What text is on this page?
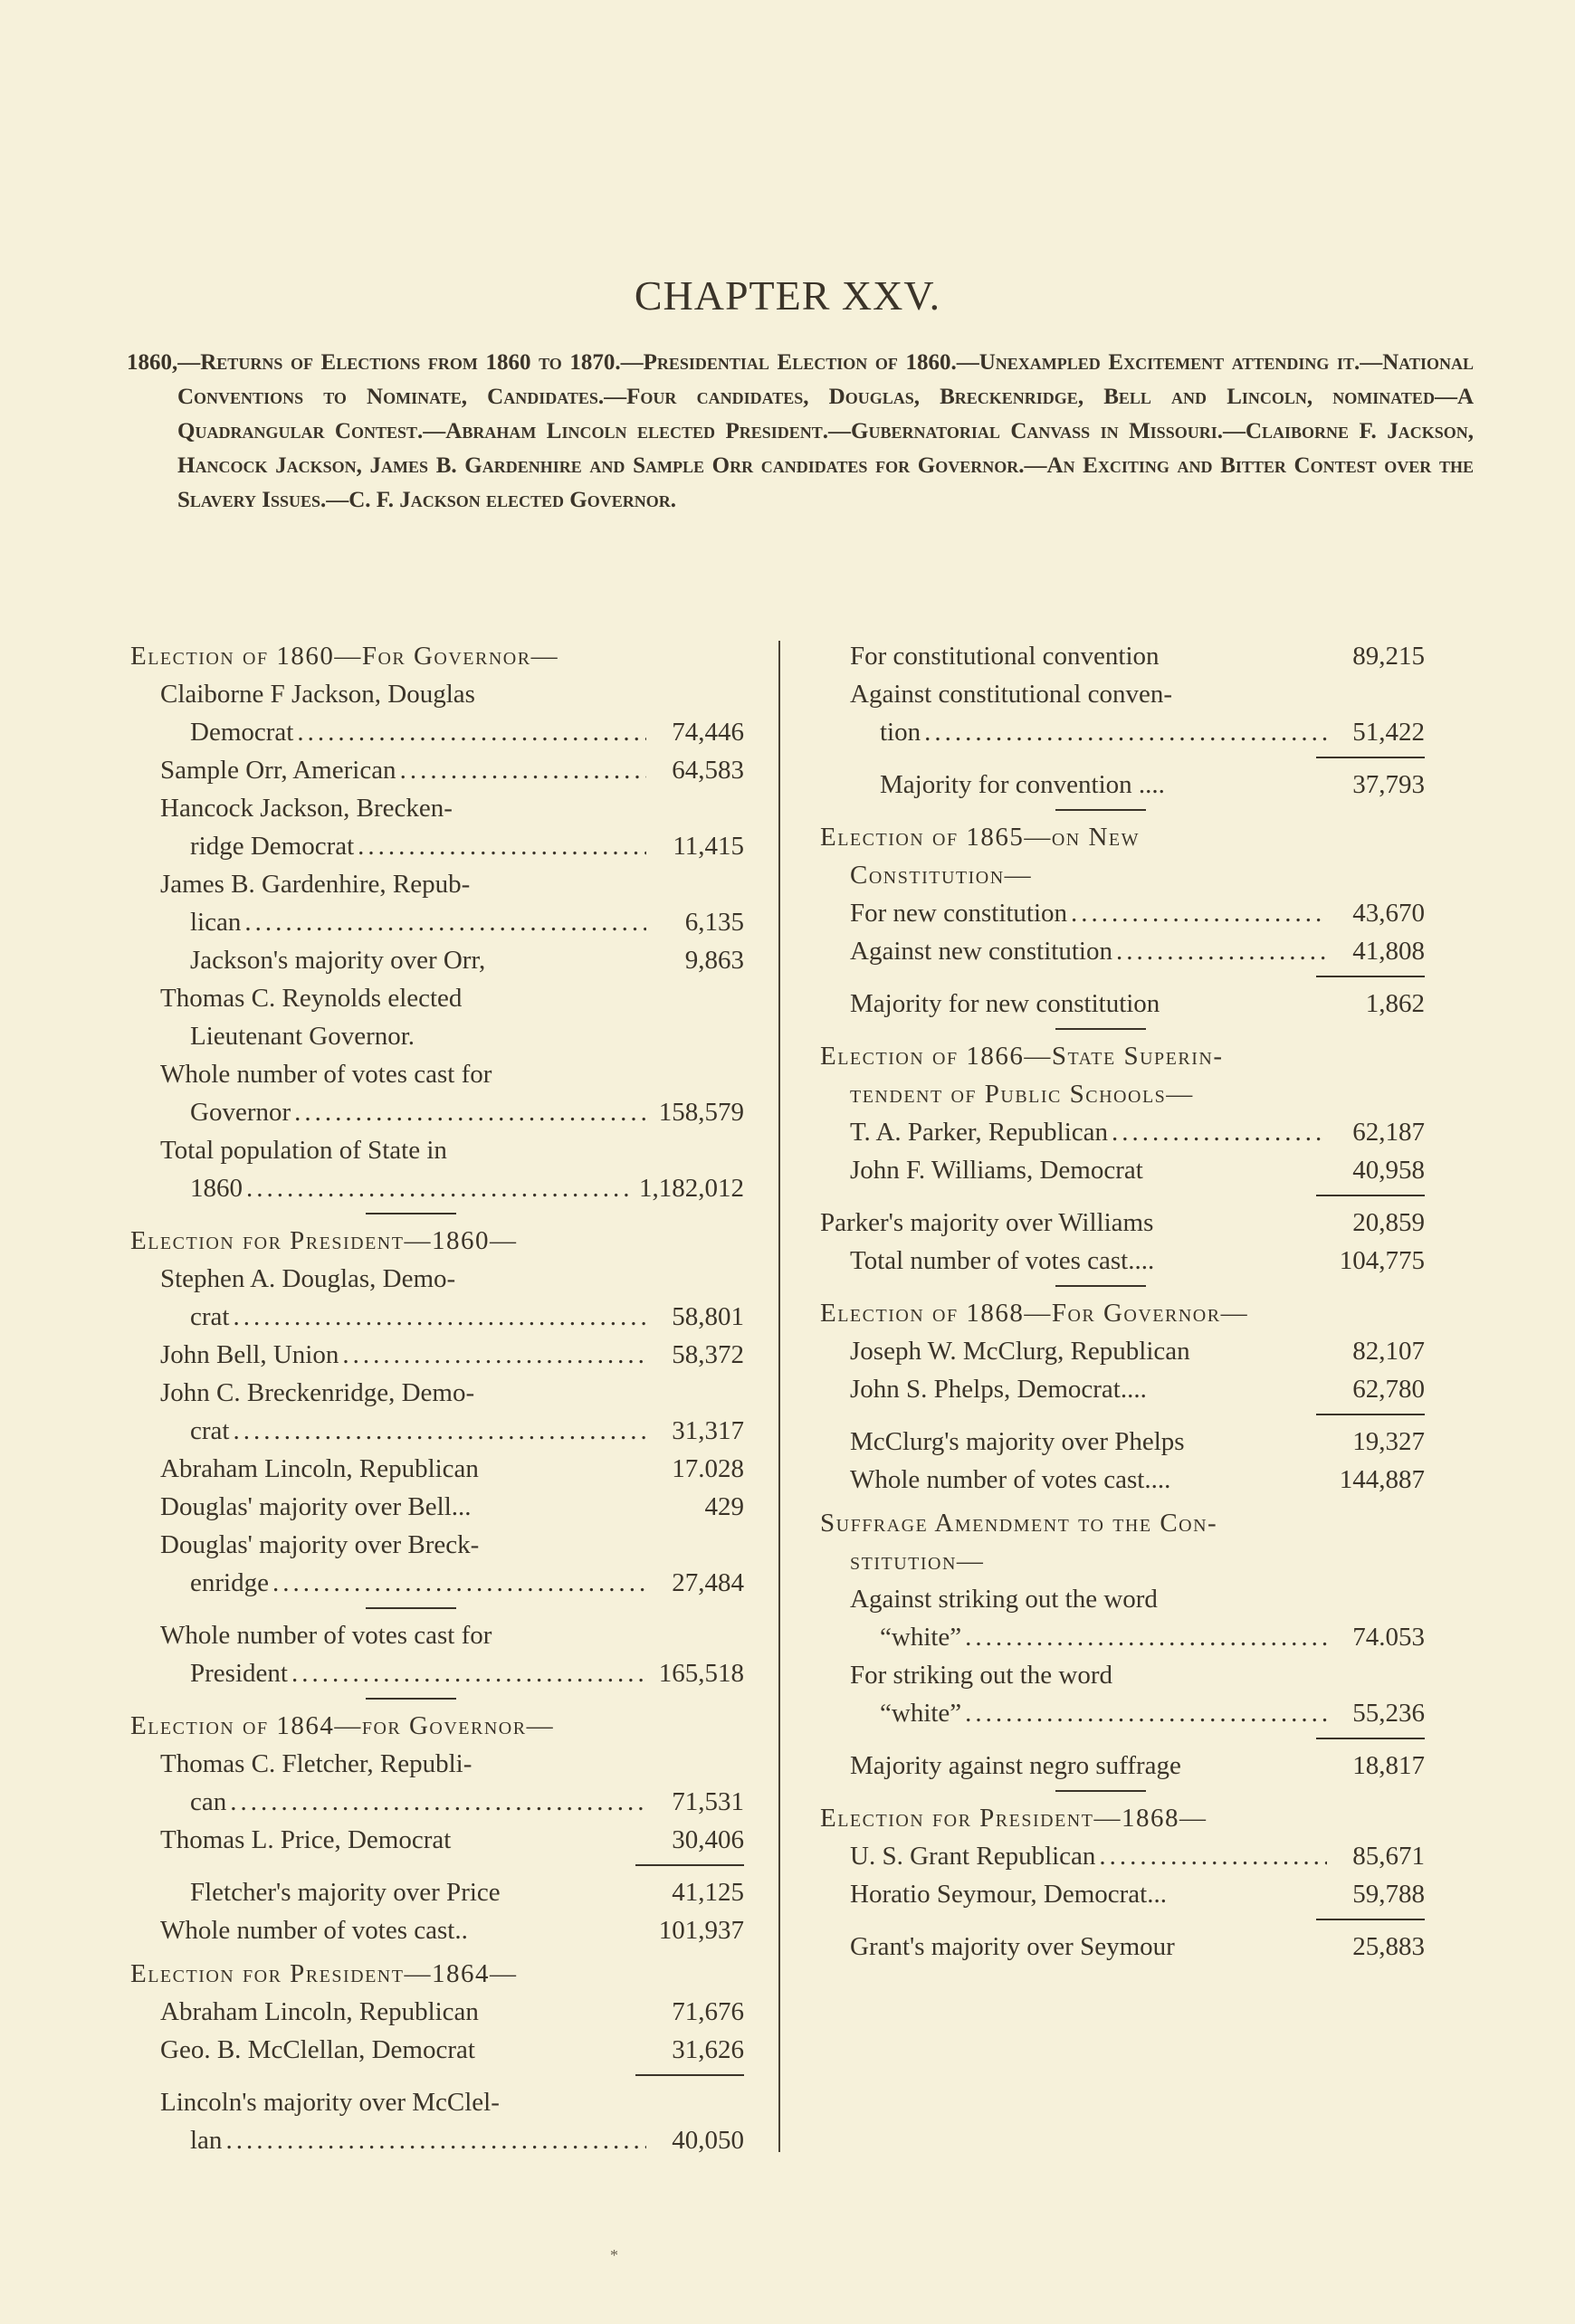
CHAPTER XXV.
1860,—Returns of Elections from 1860 to 1870.—Presidential Election of 1860.—Unexampled Excitement attending it.—National Conventions to Nominate, Candidates.—Four candidates, Douglas, Breckenridge, Bell and Lincoln, nominated—A Quadrangular Contest.—Abraham Lincoln elected President.—Gubernatorial Canvass in Missouri.—Claiborne F. Jackson, Hancock Jackson, James B. Gardenhire and Sample Orr candidates for Governor.—An Exciting and Bitter Contest over the Slavery Issues.—C. F. Jackson elected Governor.
Election of 1860—For Governor—
Claiborne F Jackson, Douglas
Democrat .....	74,446
Sample Orr, American .....	64,583
Hancock Jackson, Brecken-
ridge Democrat .....	11,415
James B. Gardenhire, Repub-
lican .....	6,135
Jackson's majority over Orr,	9,863
Thomas C. Reynolds elected
Lieutenant Governor.
Whole number of votes cast for
Governor .....	158,579
Total population of State in
1860 .....	1,182,012
Election for President—1860—
Stephen A. Douglas, Demo-
crat .....	58,801
John Bell, Union .....	58,372
John C. Breckenridge, Demo-
crat .....	31,317
Abraham Lincoln, Republican	17.028
Douglas' majority over Bell...	429
Douglas' majority over Breck-
enridge .....	27,484
Whole number of votes cast for
President .....	165,518
Election of 1864—for Governor—
Thomas C. Fletcher, Republi-
can .....	71,531
Thomas L. Price, Democrat	30,406
Fletcher's majority over Price	41,125
Whole number of votes cast..	101,937
Election for President—1864—
Abraham Lincoln, Republican	71,676
Geo. B. McClellan, Democrat	31,626
Lincoln's majority over McClel-
lan .....	40,050
For constitutional convention	89,215
Against constitutional conven-
tion .....	51,422
Majority for convention ....	37,793
Election of 1865—on New
Constitution—
For new constitution .....	43,670
Against new constitution .....	41,808
Majority for new constitution	1,862
Election of 1866—State Superin-
tendent of Public Schools—
T. A. Parker, Republican .....	62,187
John F. Williams, Democrat	40,958
Parker's majority over Williams	20,859
Total number of votes cast....	104,775
Election of 1868—For Governor—
Joseph W. McClurg, Republican	82,107
John S. Phelps, Democrat....	62,780
McClurg's majority over Phelps	19,327
Whole number of votes cast....	144,887
Suffrage Amendment to the Con-
stitution—
Against striking out the word
“white” .....	74.053
For striking out the word
“white” .....	55,236
Majority against negro suffrage	18,817
Election for President—1868—
U. S. Grant Republican .....	85,671
Horatio Seymour, Democrat...	59,788
Grant's majority over Seymour	25,883
*
